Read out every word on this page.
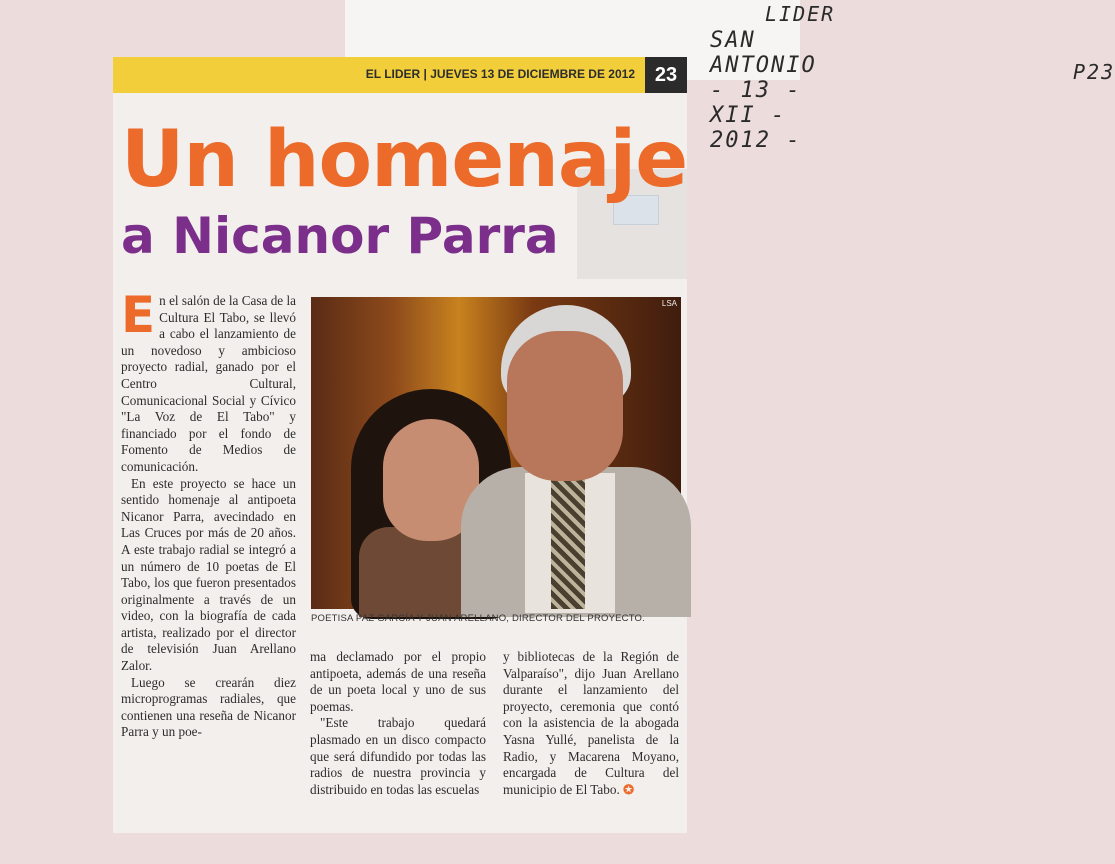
LIDER
SAN ANTONIO - 13 - XII - 2012 -
P23
EL LIDER | JUEVES 13 DE DICIEMBRE DE 2012 23
Un homenaje
a Nicanor Parra

En el salón de la Casa de la Cultura El Tabo, se llevó a cabo el lanzamiento de un novedoso y ambicioso proyecto radial, ganado por el Centro Cultural, Comunicacional Social y Cívico "La Voz de El Tabo" y financiado por el fondo de Fomento de Medios de comunicación.

En este proyecto se hace un sentido homenaje al antipoeta Nicanor Parra, avecindado en Las Cruces por más de 20 años. A este trabajo radial se integró a un número de 10 poetas de El Tabo, los que fueron presentados originalmente a través de un video, con la biografía de cada artista, realizado por el director de televisión Juan Arellano Zalor.

Luego se crearán diez microprogramas radiales, que contienen una reseña de Nicanor Parra y un poe-

LSA
POETISA PAZ GARCÍA Y JUAN ARELLANO, DIRECTOR DEL PROYECTO.

ma declamado por el propio antipoeta, además de una reseña de un poeta local y uno de sus poemas.

"Este trabajo quedará plasmado en un disco compacto que será difundido por todas las radios de nuestra provincia y distribuido en todas las escuelas

y bibliotecas de la Región de Valparaíso", dijo Juan Arellano durante el lanzamiento del proyecto, ceremonia que contó con la asistencia de la abogada Yasna Yullé, panelista de la Radio, y Macarena Moyano, encargada de Cultura del municipio de El Tabo. ✪
